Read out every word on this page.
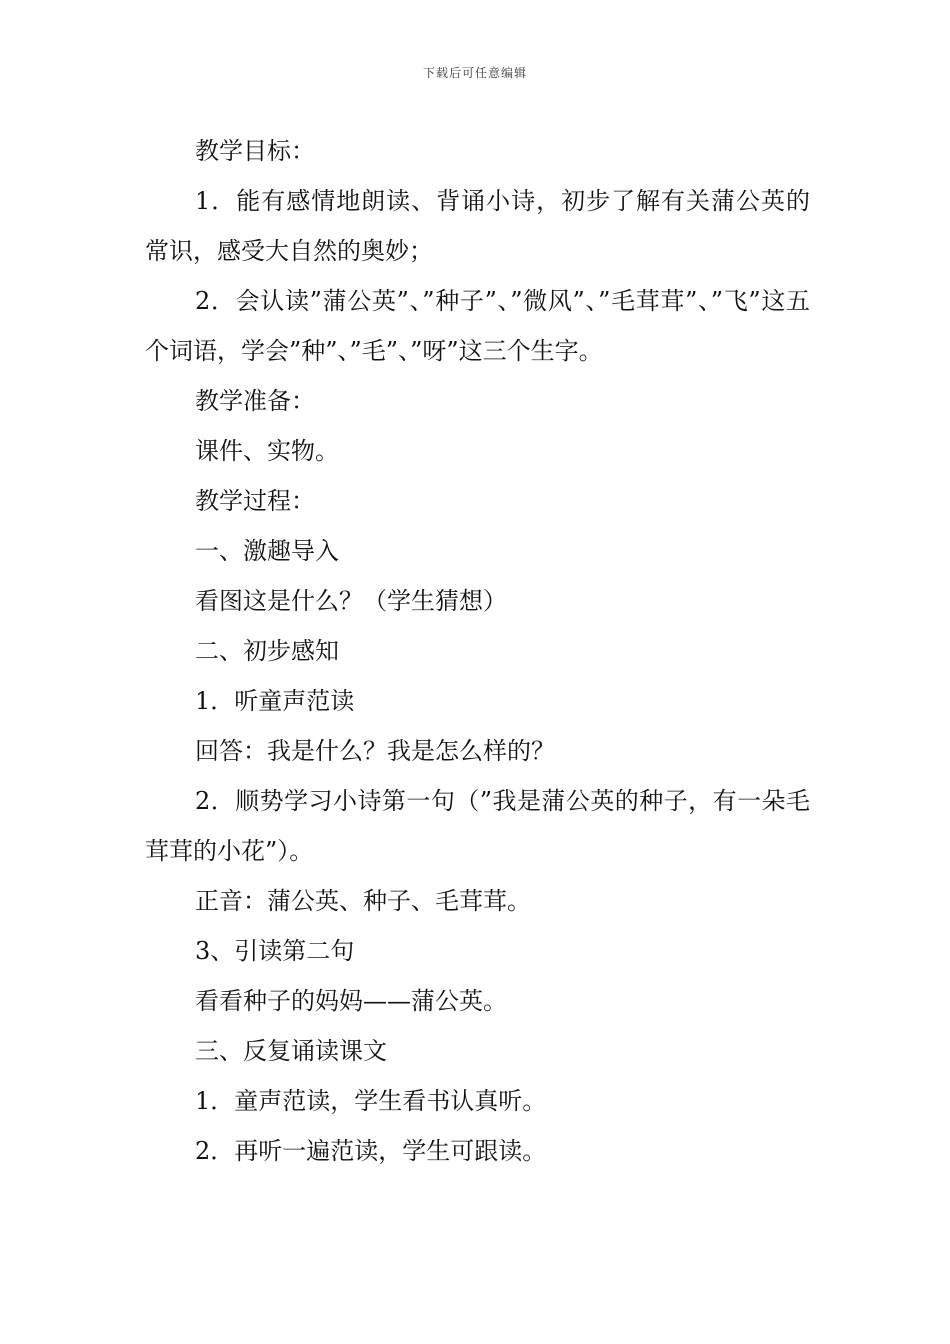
下载后可任意编辑

教学目标：

1．能有感情地朗读、背诵小诗，初步了解有关蒲公英的常识，感受大自然的奥妙；

2．会认读”蒲公英”、”种子”、”微风”、”毛茸茸”、”飞”这五个词语，学会”种”、”毛”、”呀”这三个生字。

教学准备：

课件、实物。

教学过程：

一、激趣导入

看图这是什么？（学生猜想）

二、初步感知

1．听童声范读

回答：我是什么？我是怎么样的？

2．顺势学习小诗第一句（”我是蒲公英的种子，有一朵毛茸茸的小花”）。

正音：蒲公英、种子、毛茸茸。

3、引读第二句

看看种子的妈妈——蒲公英。

三、反复诵读课文

1．童声范读，学生看书认真听。

2．再听一遍范读，学生可跟读。
